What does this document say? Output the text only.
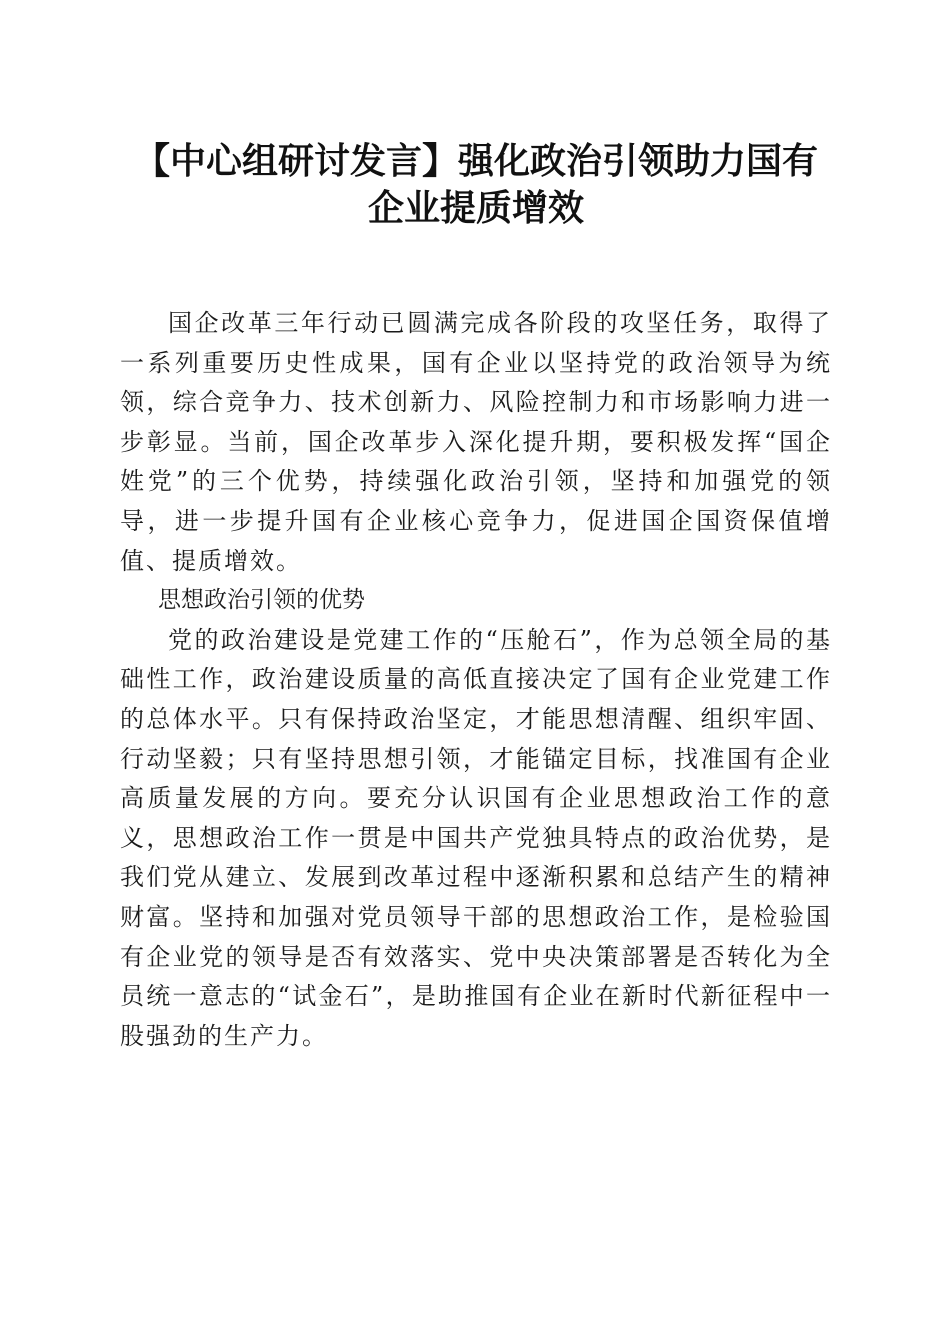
【中心组研讨发言】强化政治引领助力国有企业提质增效

国企改革三年行动已圆满完成各阶段的攻坚任务，取得了一系列重要历史性成果，国有企业以坚持党的政治领导为统领，综合竞争力、技术创新力、风险控制力和市场影响力进一步彰显。当前，国企改革步入深化提升期，要积极发挥“国企姓党”的三个优势，持续强化政治引领，坚持和加强党的领导，进一步提升国有企业核心竞争力，促进国企国资保值增值、提质增效。

思想政治引领的优势

党的政治建设是党建工作的“压舱石”，作为总领全局的基础性工作，政治建设质量的高低直接决定了国有企业党建工作的总体水平。只有保持政治坚定，才能思想清醒、组织牢固、行动坚毅；只有坚持思想引领，才能锚定目标，找准国有企业高质量发展的方向。要充分认识国有企业思想政治工作的意义，思想政治工作一贯是中国共产党独具特点的政治优势，是我们党从建立、发展到改革过程中逐渐积累和总结产生的精神财富。坚持和加强对党员领导干部的思想政治工作，是检验国有企业党的领导是否有效落实、党中央决策部署是否转化为全员统一意志的“试金石”，是助推国有企业在新时代新征程中一股强劲的生产力。
